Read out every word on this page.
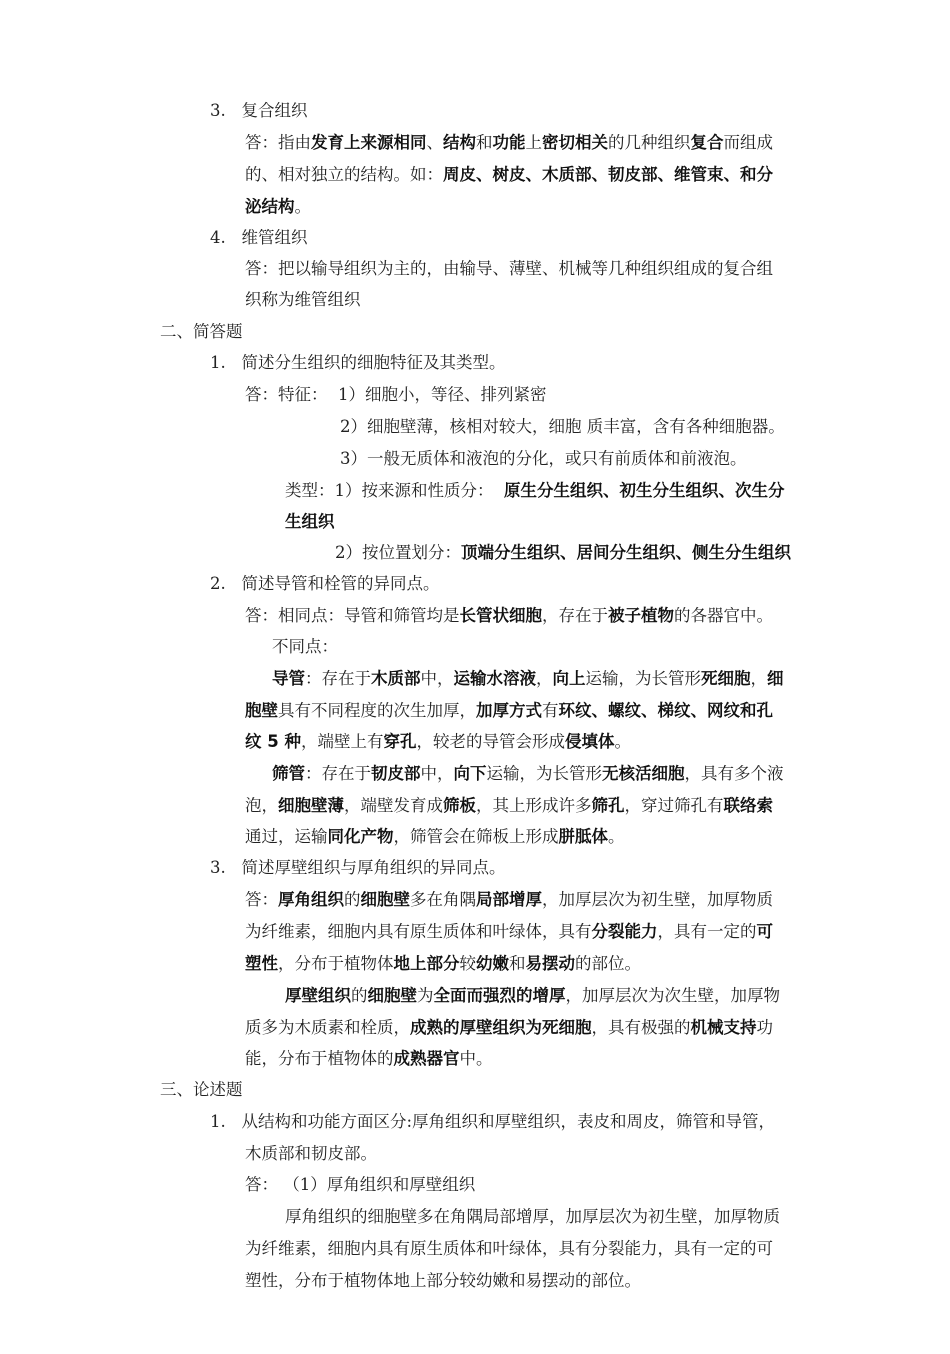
3.   复合组织
答：指由发育上来源相同、结构和功能上密切相关的几种组织复合而组成
的、相对独立的结构。如：周皮、树皮、木质部、韧皮部、维管束、和分
泌结构。
4.   维管组织
答：把以输导组织为主的，由输导、薄壁、机械等几种组织组成的复合组
织称为维管组织
二、简答题
1.   简述分生组织的细胞特征及其类型。
答：特征：  1）细胞小，等径、排列紧密
2）细胞壁薄，核相对较大，细胞 质丰富，含有各种细胞器。
3）一般无质体和液泡的分化，或只有前质体和前液泡。
类型：1）按来源和性质分：  原生分生组织、初生分生组织、次生分
生组织
2）按位置划分：顶端分生组织、居间分生组织、侧生分生组织
2.   简述导管和栓管的异同点。
答：相同点：导管和筛管均是长管状细胞，存在于被子植物的各器官中。
不同点：
导管：存在于木质部中，运输水溶液，向上运输，为长管形死细胞，细
胞壁具有不同程度的次生加厚，加厚方式有环纹、螺纹、梯纹、网纹和孔
纹 5 种，端壁上有穿孔，较老的导管会形成侵填体。
筛管：存在于韧皮部中，向下运输，为长管形无核活细胞，具有多个液
泡，细胞壁薄，端壁发育成筛板，其上形成许多筛孔，穿过筛孔有联络索
通过，运输同化产物，筛管会在筛板上形成胼胝体。
3.   简述厚壁组织与厚角组织的异同点。
答：厚角组织的细胞壁多在角隅局部增厚，加厚层次为初生壁，加厚物质
为纤维素，细胞内具有原生质体和叶绿体，具有分裂能力，具有一定的可
塑性，分布于植物体地上部分较幼嫩和易摆动的部位。
厚壁组织的细胞壁为全面而强烈的增厚，加厚层次为次生壁，加厚物
质多为木质素和栓质，成熟的厚壁组织为死细胞，具有极强的机械支持功
能，分布于植物体的成熟器官中。
三、论述题
1.   从结构和功能方面区分:厚角组织和厚壁组织，表皮和周皮，筛管和导管，
木质部和韧皮部。
答： （1）厚角组织和厚壁组织
厚角组织的细胞壁多在角隅局部增厚，加厚层次为初生壁，加厚物质
为纤维素，细胞内具有原生质体和叶绿体，具有分裂能力，具有一定的可
塑性，分布于植物体地上部分较幼嫩和易摆动的部位。
